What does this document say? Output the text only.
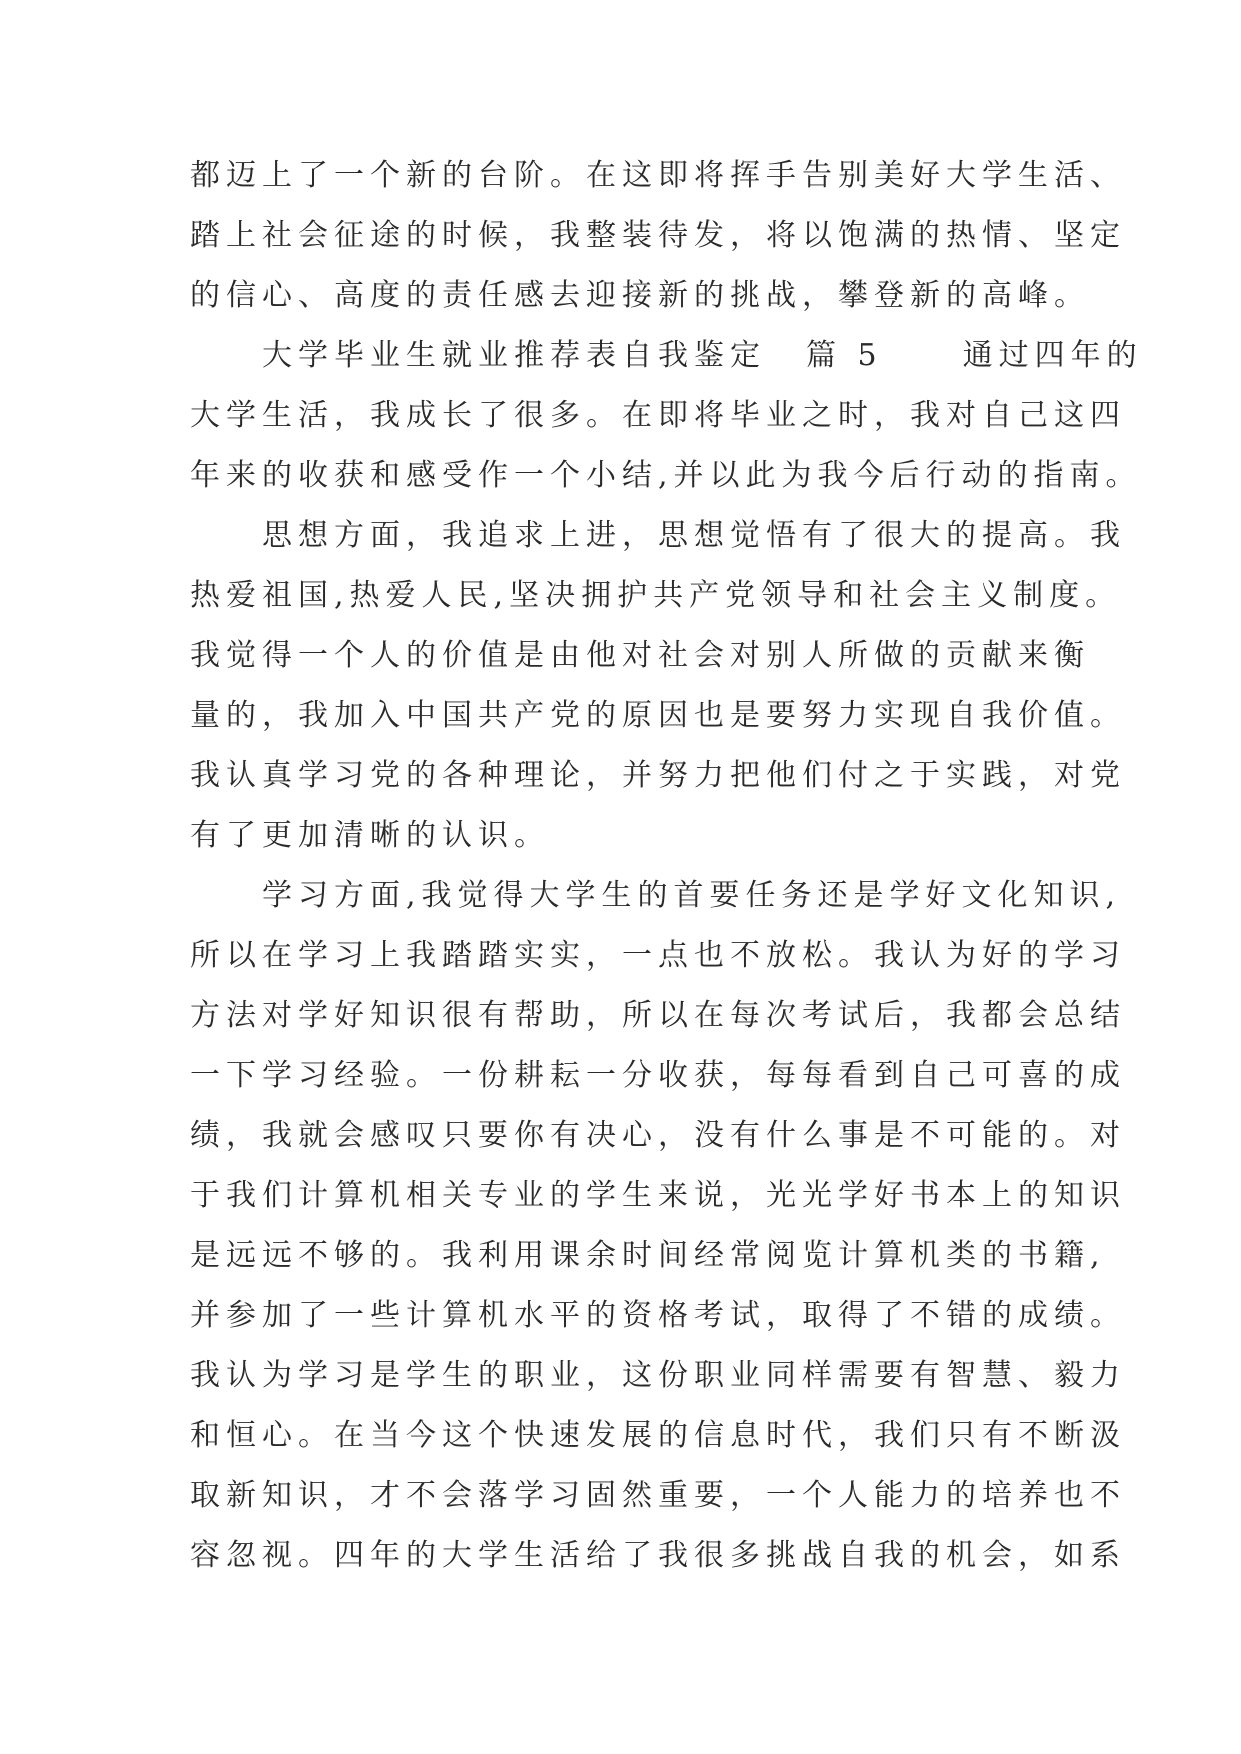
都迈上了一个新的台阶。在这即将挥手告别美好大学生活、
踏上社会征途的时候，我整装待发，将以饱满的热情、坚定
的信心、高度的责任感去迎接新的挑战，攀登新的高峰。
　　大学毕业生就业推荐表自我鉴定 篇 5	通过四年的
大学生活，我成长了很多。在即将毕业之时，我对自己这四
年来的收获和感受作一个小结,并以此为我今后行动的指南。
　　思想方面，我追求上进，思想觉悟有了很大的提高。我
热爱祖国,热爱人民,坚决拥护共产党领导和社会主义制度。
我觉得一个人的价值是由他对社会对别人所做的贡献来衡
量的，我加入中国共产党的原因也是要努力实现自我价值。
我认真学习党的各种理论，并努力把他们付之于实践，对党
有了更加清晰的认识。
　　学习方面,我觉得大学生的首要任务还是学好文化知识,
所以在学习上我踏踏实实，一点也不放松。我认为好的学习
方法对学好知识很有帮助，所以在每次考试后，我都会总结
一下学习经验。一份耕耘一分收获，每每看到自己可喜的成
绩，我就会感叹只要你有决心，没有什么事是不可能的。对
于我们计算机相关专业的学生来说，光光学好书本上的知识
是远远不够的。我利用课余时间经常阅览计算机类的书籍,
并参加了一些计算机水平的资格考试，取得了不错的成绩。
我认为学习是学生的职业，这份职业同样需要有智慧、毅力
和恒心。在当今这个快速发展的信息时代，我们只有不断汲
取新知识，才不会落学习固然重要，一个人能力的培养也不
容忽视。四年的大学生活给了我很多挑战自我的机会，如系
